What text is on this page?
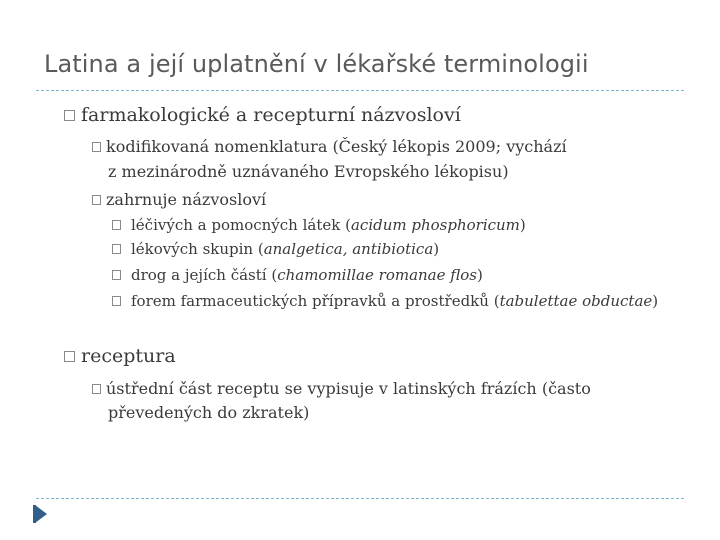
Latina a její uplatnění v lékařské terminologii
farmakologické a recepturní názvosloví
kodifikovaná nomenklatura (Český lékopis 2009; vychází
z mezinárodně uznávaného Evropského lékopisu)
zahrnuje názvosloví
léčivých a pomocných látek (acidum phosphoricum)
lékových skupin (analgetica, antibiotica)
drog a jejích částí (chamomillae romanae flos)
forem farmaceutických přípravků a prostředků (tabulettae obductae)
receptura
ústřední část receptu se vypisuje v latinských frázích (často
převedených do zkratek)
